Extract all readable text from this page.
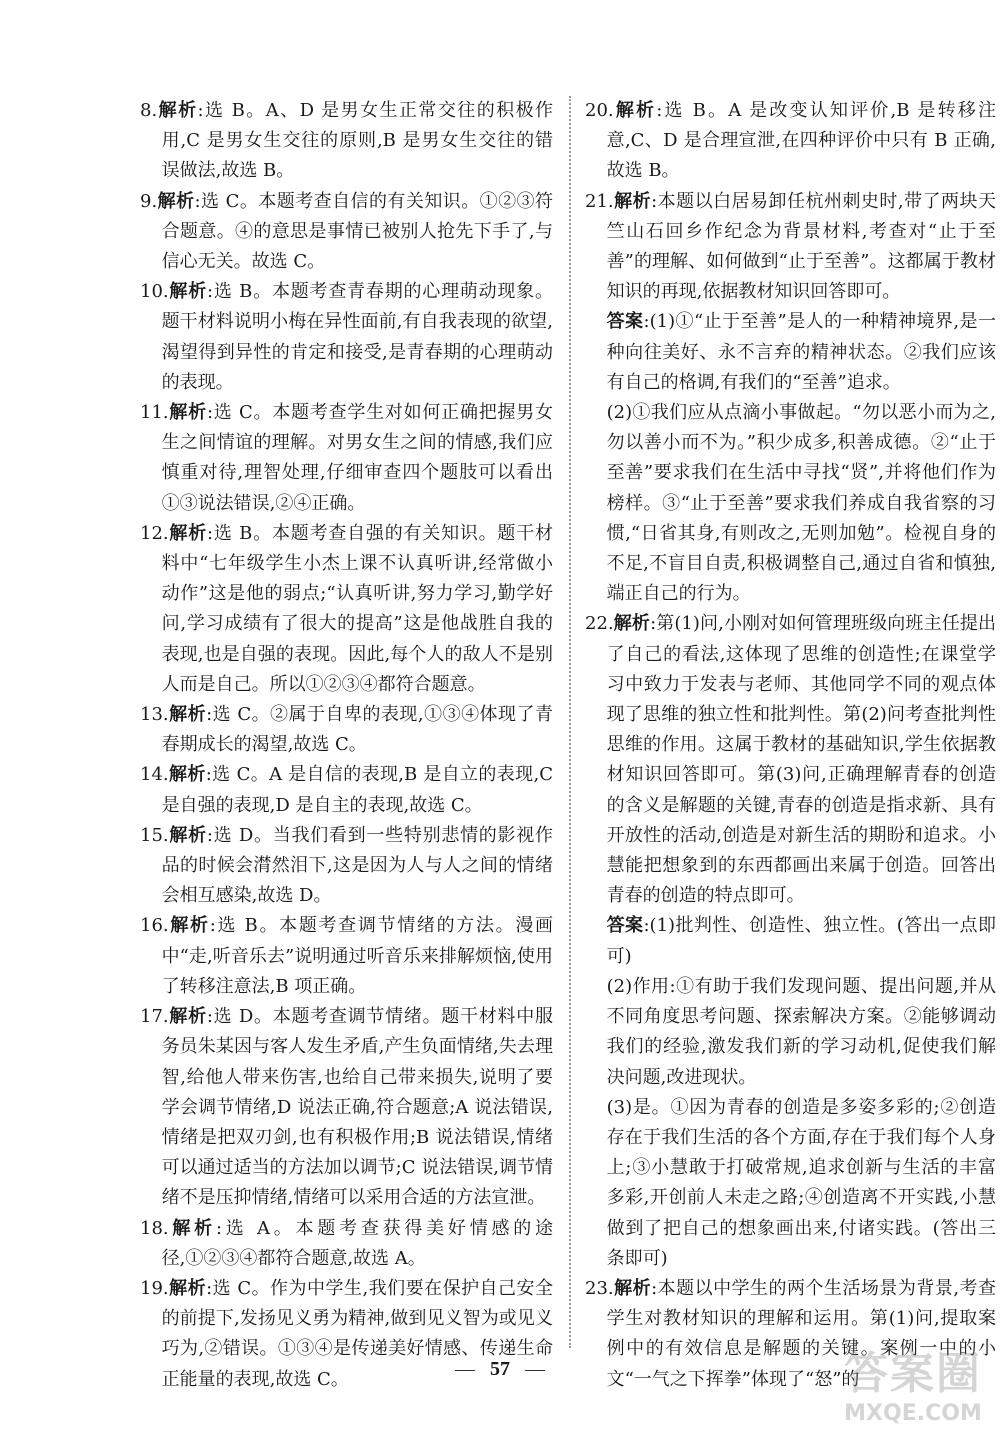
8.解析:选 B。A、D 是男女生正常交往的积极作用,C 是男女生交往的原则,B 是男女生交往的错误做法,故选 B。

9.解析:选 C。本题考查自信的有关知识。①②③符合题意。④的意思是事情已被别人抢先下手了,与信心无关。故选 C。

10.解析:选 B。本题考查青春期的心理萌动现象。题干材料说明小梅在异性面前,有自我表现的欲望,渴望得到异性的肯定和接受,是青春期的心理萌动的表现。

11.解析:选 C。本题考查学生对如何正确把握男女生之间情谊的理解。对男女生之间的情感,我们应慎重对待,理智处理,仔细审查四个题肢可以看出①③说法错误,②④正确。

12.解析:选 B。本题考查自强的有关知识。题干材料中“七年级学生小杰上课不认真听讲,经常做小动作”这是他的弱点;“认真听讲,努力学习,勤学好问,学习成绩有了很大的提高”这是他战胜自我的表现,也是自强的表现。因此,每个人的敌人不是别人而是自己。所以①②③④都符合题意。

13.解析:选 C。②属于自卑的表现,①③④体现了青春期成长的渴望,故选 C。

14.解析:选 C。A 是自信的表现,B 是自立的表现,C 是自强的表现,D 是自主的表现,故选 C。

15.解析:选 D。当我们看到一些特别悲情的影视作品的时候会潸然泪下,这是因为人与人之间的情绪会相互感染,故选 D。

16.解析:选 B。本题考查调节情绪的方法。漫画中“走,听音乐去”说明通过听音乐来排解烦恼,使用了转移注意法,B 项正确。

17.解析:选 D。本题考查调节情绪。题干材料中服务员朱某因与客人发生矛盾,产生负面情绪,失去理智,给他人带来伤害,也给自己带来损失,说明了要学会调节情绪,D 说法正确,符合题意;A 说法错误,情绪是把双刃剑,也有积极作用;B 说法错误,情绪可以通过适当的方法加以调节;C 说法错误,调节情绪不是压抑情绪,情绪可以采用合适的方法宣泄。

18.解析:选 A。本题考查获得美好情感的途径,①②③④都符合题意,故选 A。

19.解析:选 C。作为中学生,我们要在保护自己安全的前提下,发扬见义勇为精神,做到见义智为或见义巧为,②错误。①③④是传递美好情感、传递生命正能量的表现,故选 C。

20.解析:选 B。A 是改变认知评价,B 是转移注意,C、D 是合理宣泄,在四种评价中只有 B 正确,故选 B。

21.解析:本题以白居易卸任杭州刺史时,带了两块天竺山石回乡作纪念为背景材料,考查对“止于至善”的理解、如何做到“止于至善”。这都属于教材知识的再现,依据教材知识回答即可。

答案:(1)①“止于至善”是人的一种精神境界,是一种向往美好、永不言弃的精神状态。②我们应该有自己的格调,有我们的“至善”追求。

(2)①我们应从点滴小事做起。“勿以恶小而为之,勿以善小而不为。”积少成多,积善成德。②“止于至善”要求我们在生活中寻找“贤”,并将他们作为榜样。③“止于至善”要求我们养成自我省察的习惯,“日省其身,有则改之,无则加勉”。检视自身的不足,不盲目自责,积极调整自己,通过自省和慎独,端正自己的行为。

22.解析:第(1)问,小刚对如何管理班级向班主任提出了自己的看法,这体现了思维的创造性;在课堂学习中致力于发表与老师、其他同学不同的观点体现了思维的独立性和批判性。第(2)问考查批判性思维的作用。这属于教材的基础知识,学生依据教材知识回答即可。第(3)问,正确理解青春的创造的含义是解题的关键,青春的创造是指求新、具有开放性的活动,创造是对新生活的期盼和追求。小慧能把想象到的东西都画出来属于创造。回答出青春的创造的特点即可。

答案:(1)批判性、创造性、独立性。(答出一点即可)

(2)作用:①有助于我们发现问题、提出问题,并从不同角度思考问题、探索解决方案。②能够调动我们的经验,激发我们新的学习动机,促使我们解决问题,改进现状。

(3)是。①因为青春的创造是多姿多彩的;②创造存在于我们生活的各个方面,存在于我们每个人身上;③小慧敢于打破常规,追求创新与生活的丰富多彩,开创前人未走之路;④创造离不开实践,小慧做到了把自己的想象画出来,付诸实践。(答出三条即可)

23.解析:本题以中学生的两个生活场景为背景,考查学生对教材知识的理解和运用。第(1)问,提取案例中的有效信息是解题的关键。案例一中的小文“一气之下挥拳”体现了“怒”的

— 57 —	答案圈
MXQE.COM
